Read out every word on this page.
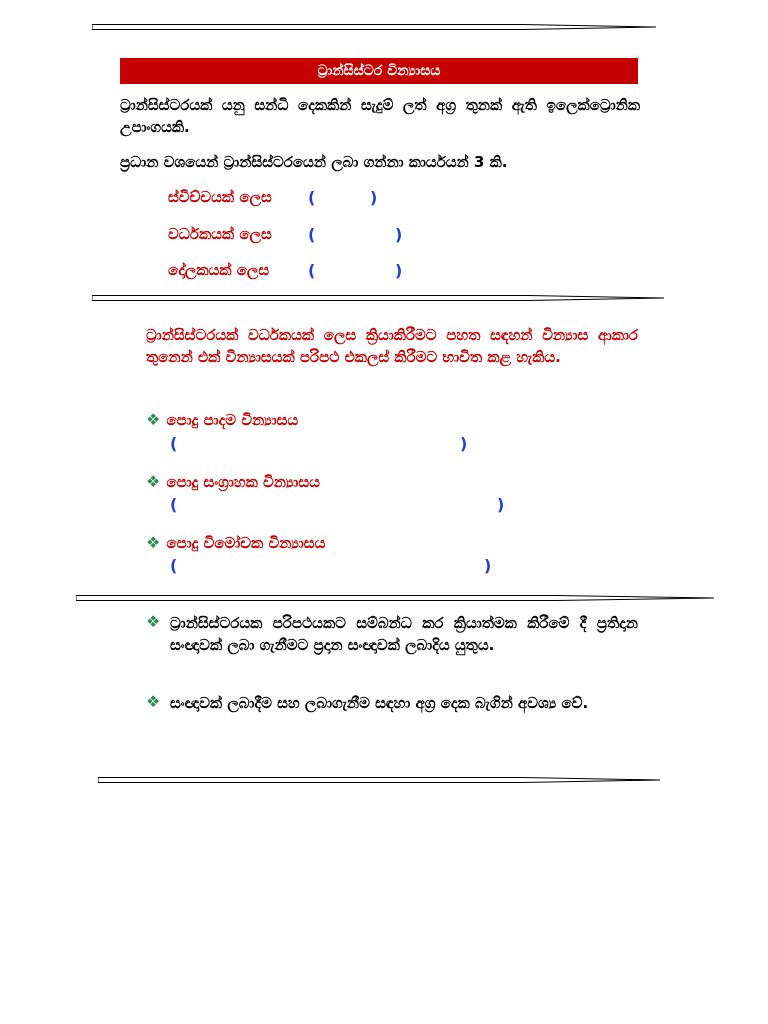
ට්‍රාන්සිස්ටර වින්‍යාසය

ට්‍රාන්සිස්ටරයක් යනු සන්ධි දෙකකින් සැදුම් ලත් අග්‍ර තුනක් ඇති ඉලෙක්ට්‍රොනික උපාංගයකි.

ප්‍රධාන වශයෙන් ට්‍රාන්සිස්ටරයෙන් ලබා ගන්නා කාර්යයන් 3 කි.

ස්විච්චයක් ලෙස (	)
වර්ධකයක් ලෙස (	)
දෝලකයක් ලෙස (	)

ට්‍රාන්සිස්ටරයක් වර්ධකයක් ලෙස ක්‍රියාකිරීමට පහත සඳහන් වින්‍යාස ආකාර තුනෙන් එක් වින්‍යාසයක් පරිපථ එකලස් කිරීමට භාවිත කළ හැකිය.

❖ පොදු පාදම වින්‍යාසය
(	)
❖ පොදු සංග්‍රාහක වින්‍යාසය
(	)
❖ පොදු විමෝචක වින්‍යාසය
(	)
❖ ට්‍රාන්සිස්ටරයක පරිපථයකට සම්බන්ධ කර ක්‍රියාත්මක කිරීමේ දී ප්‍රතිදාන සංඥාවක් ලබා ගැනීමට ප්‍රදාන සංඥාවක් ලබාදිය යුතුය.

❖ සංඥාවක් ලබාදීම සහ ලබාගැනීම සඳහා අග්‍ර දෙක බැගින් අවශ්‍ය වේ.
